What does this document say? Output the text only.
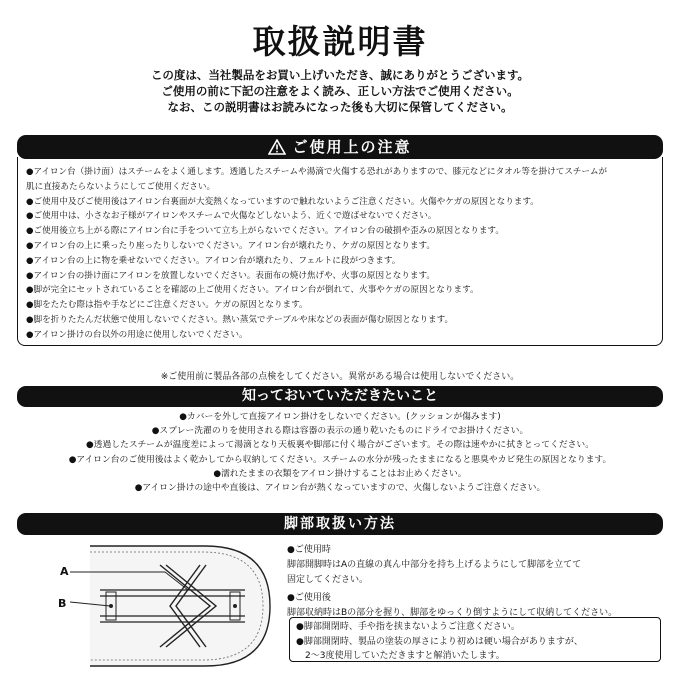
取扱説明書
この度は、当社製品をお買い上げいただき、誠にありがとうございます。
ご使用の前に下記の注意をよく読み、正しい方法でご使用ください。
なお、この説明書はお読みになった後も大切に保管してください。
ご使用上の注意
●アイロン台（掛け面）はスチームをよく通します。透過したスチームや湯滴で火傷する恐れがありますので、膝元などにタオル等を掛けてスチームが
肌に直接あたらないようにしてご使用ください。
●ご使用中及びご使用後はアイロン台裏面が大変熱くなっていますので触れないようご注意ください。火傷やケガの原因となります。
●ご使用中は、小さなお子様がアイロンやスチームで火傷などしないよう、近くで遊ばせないでください。
●ご使用後立ち上がる際にアイロン台に手をついて立ち上がらないでください。アイロン台の破損や歪みの原因となります。
●アイロン台の上に乗ったり座ったりしないでください。アイロン台が壊れたり、ケガの原因となります。
●アイロン台の上に物を乗せないでください。アイロン台が壊れたり、フェルトに段がつきます。
●アイロン台の掛け面にアイロンを放置しないでください。表面布の焼け焦げや、火事の原因となります。
●脚が完全にセットされていることを確認の上ご使用ください。アイロン台が倒れて、火事やケガの原因となります。
●脚をたたむ際は指や手などにご注意ください。ケガの原因となります。
●脚を折りたたんだ状態で使用しないでください。熱い蒸気でテーブルや床などの表面が傷む原因となります。
●アイロン掛けの台以外の用途に使用しないでください。
※ご使用前に製品各部の点検をしてください。異常がある場合は使用しないでください。
知っておいていただきたいこと
●カバーを外して直接アイロン掛けをしないでください。(クッションが傷みます)
●スプレー洗濯のりを使用される際は容器の表示の通り乾いたものにドライでお掛けください。
●透過したスチームが温度差によって湯滴となり天板裏や脚部に付く場合がございます。その際は速やかに拭きとってください。
●アイロン台のご使用後はよく乾かしてから収納してください。スチームの水分が残ったままになると悪臭やカビ発生の原因となります。
●濡れたままの衣類をアイロン掛けすることはお止めください。
●アイロン掛けの途中や直後は、アイロン台が熱くなっていますので、火傷しないようご注意ください。
脚部取扱い方法
A
B
●ご使用時
脚部開脚時はAの直線の真ん中部分を持ち上げるようにして脚部を立てて
固定してください。
●ご使用後
脚部収納時はBの部分を握り、脚部をゆっくり倒すようにして収納してください。
●脚部開閉時、手や指を挟まないようご注意ください。
●脚部開閉時、製品の塗装の厚さにより初めは硬い場合がありますが、
　2〜3度使用していただきますと解消いたします。
